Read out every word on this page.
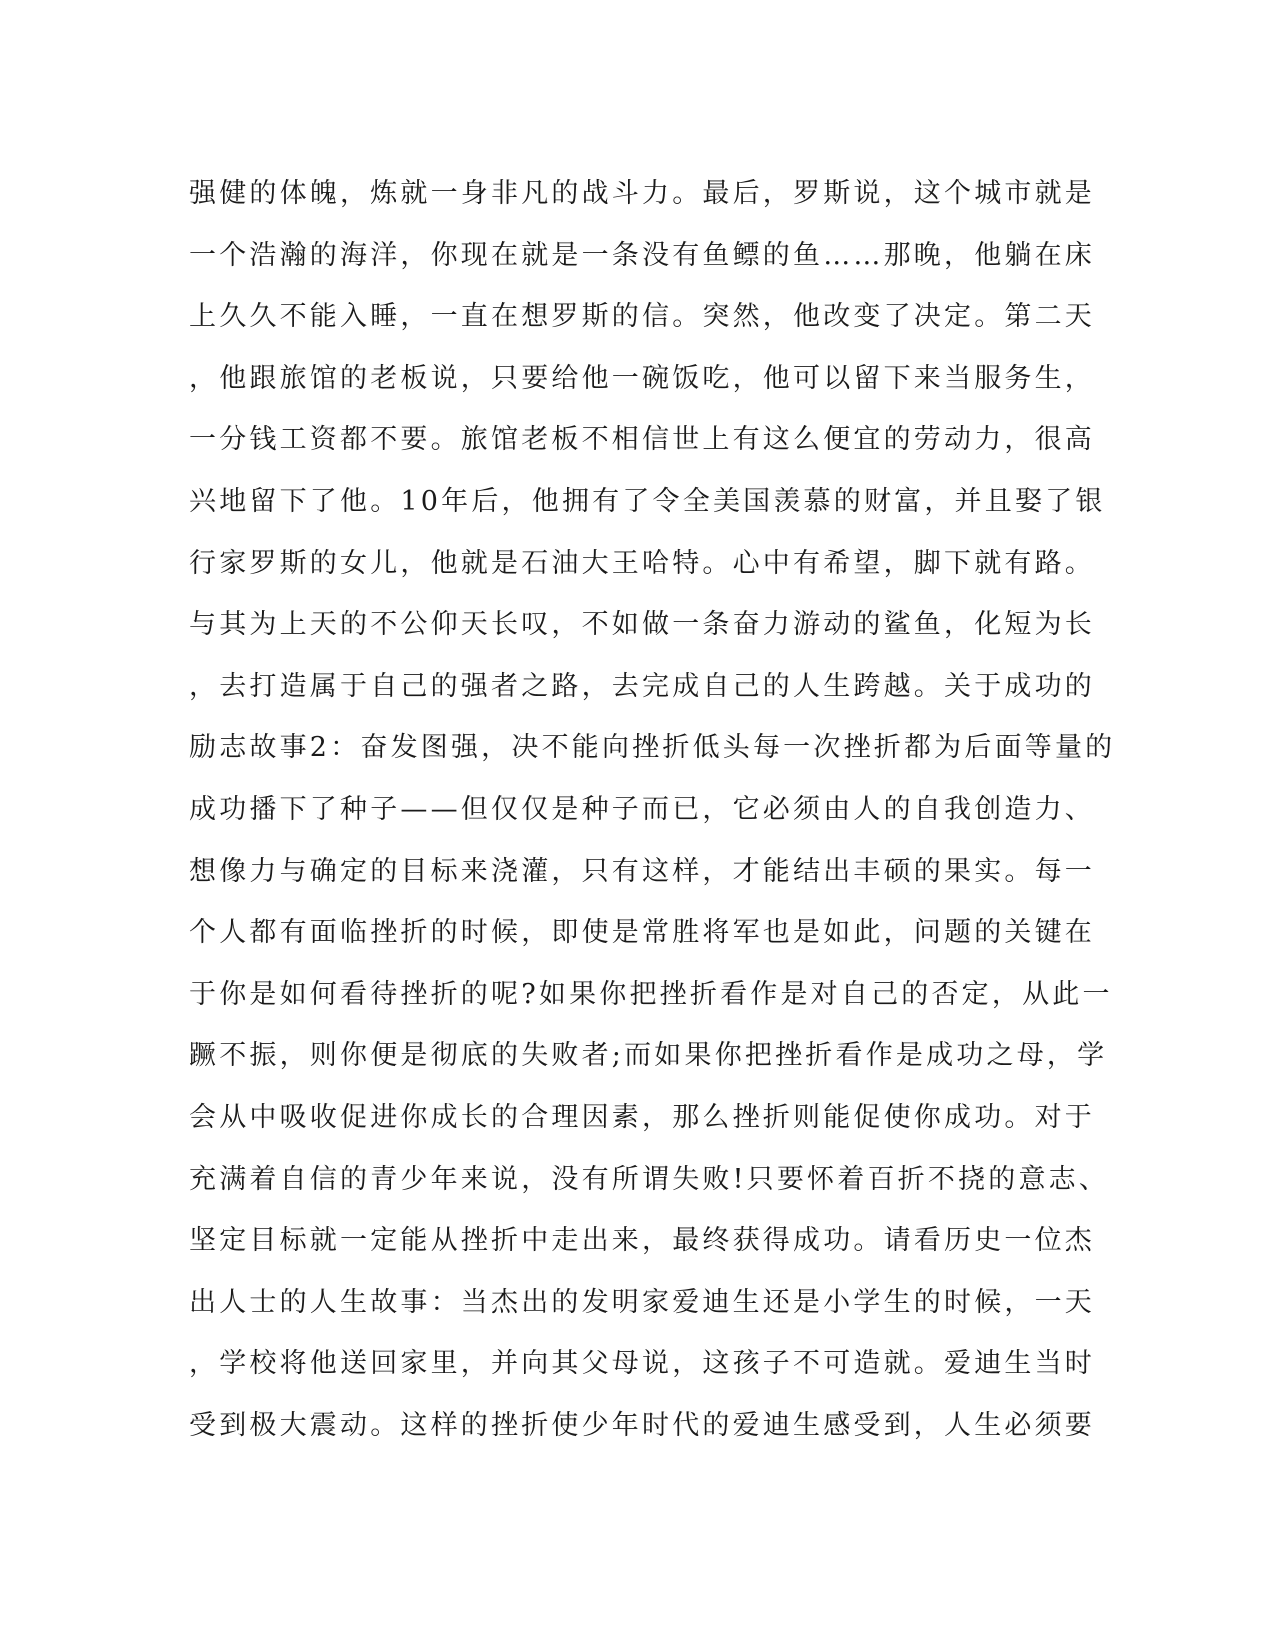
强健的体魄，炼就一身非凡的战斗力。最后，罗斯说，这个城市就是
一个浩瀚的海洋，你现在就是一条没有鱼鳔的鱼……那晚，他躺在床
上久久不能入睡，一直在想罗斯的信。突然，他改变了决定。第二天
，他跟旅馆的老板说，只要给他一碗饭吃，他可以留下来当服务生，
一分钱工资都不要。旅馆老板不相信世上有这么便宜的劳动力，很高
兴地留下了他。10年后，他拥有了令全美国羡慕的财富，并且娶了银
行家罗斯的女儿，他就是石油大王哈特。心中有希望，脚下就有路。
与其为上天的不公仰天长叹，不如做一条奋力游动的鲨鱼，化短为长
，去打造属于自己的强者之路，去完成自己的人生跨越。关于成功的
励志故事2：奋发图强，决不能向挫折低头每一次挫折都为后面等量的
成功播下了种子——但仅仅是种子而已，它必须由人的自我创造力、
想像力与确定的目标来浇灌，只有这样，才能结出丰硕的果实。每一
个人都有面临挫折的时候，即使是常胜将军也是如此，问题的关键在
于你是如何看待挫折的呢?如果你把挫折看作是对自己的否定，从此一
蹶不振，则你便是彻底的失败者;而如果你把挫折看作是成功之母，学
会从中吸收促进你成长的合理因素，那么挫折则能促使你成功。对于
充满着自信的青少年来说，没有所谓失败!只要怀着百折不挠的意志、
坚定目标就一定能从挫折中走出来，最终获得成功。请看历史一位杰
出人士的人生故事：当杰出的发明家爱迪生还是小学生的时候，一天
，学校将他送回家里，并向其父母说，这孩子不可造就。爱迪生当时
受到极大震动。这样的挫折使少年时代的爱迪生感受到，人生必须要
